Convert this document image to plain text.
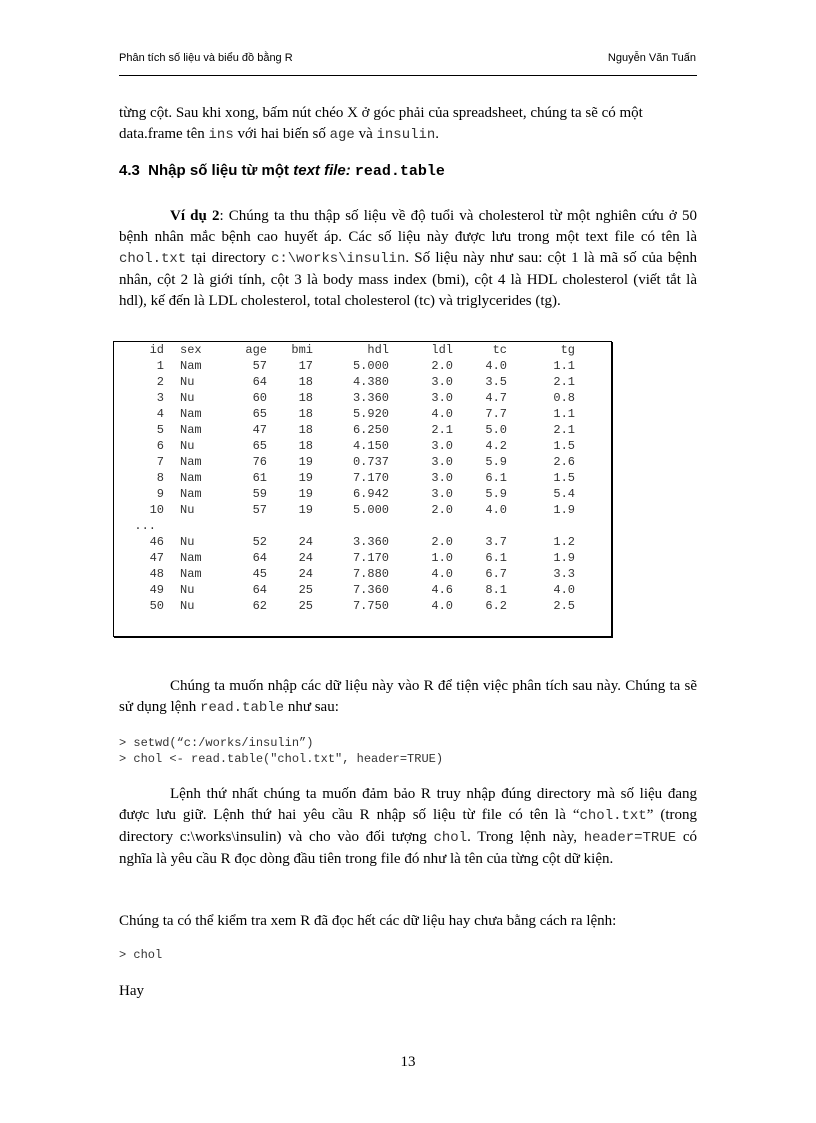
Phân tích số liệu và biểu đồ bằng R	Nguyễn Văn Tuấn

từng cột. Sau khi xong, bấm nút chéo X ở góc phải của spreadsheet, chúng ta sẽ có một
data.frame tên ins với hai biến số age và insulin.

4.3  Nhập số liệu từ một text file: read.table

Ví dụ 2: Chúng ta thu thập số liệu về độ tuổi và cholesterol từ một nghiên cứu ở 50 bệnh nhân mắc bệnh cao huyết áp. Các số liệu này được lưu trong một text file có tên là chol.txt tại directory c:\works\insulin. Số liệu này như sau: cột 1 là mã số của bệnh nhân, cột 2 là giới tính, cột 3 là body mass index (bmi), cột 4 là HDL cholesterol (viết tắt là hdl), kế đến là LDL cholesterol, total cholesterol (tc) và triglycerides (tg).

id	sex	age	bmi	hdl	ldl	tc	tg
1	Nam	57	17	5.000	2.0	4.0	1.1
2	Nu	64	18	4.380	3.0	3.5	2.1
3	Nu	60	18	3.360	3.0	4.7	0.8
4	Nam	65	18	5.920	4.0	7.7	1.1
5	Nam	47	18	6.250	2.1	5.0	2.1
6	Nu	65	18	4.150	3.0	4.2	1.5
7	Nam	76	19	0.737	3.0	5.9	2.6
8	Nam	61	19	7.170	3.0	6.1	1.5
9	Nam	59	19	6.942	3.0	5.9	5.4
10	Nu	57	19	5.000	2.0	4.0	1.9
...							
46	Nu	52	24	3.360	2.0	3.7	1.2
47	Nam	64	24	7.170	1.0	6.1	1.9
48	Nam	45	24	7.880	4.0	6.7	3.3
49	Nu	64	25	7.360	4.6	8.1	4.0
50	Nu	62	25	7.750	4.0	6.2	2.5

Chúng ta muốn nhập các dữ liệu này vào R để tiện việc phân tích sau này. Chúng ta sẽ sử dụng lệnh read.table như sau:

> setwd(“c:/works/insulin”)
> chol <- read.table("chol.txt", header=TRUE)

Lệnh thứ nhất chúng ta muốn đảm bảo R truy nhập đúng directory mà số liệu đang được lưu giữ. Lệnh thứ hai yêu cầu R nhập số liệu từ file có tên là “chol.txt” (trong directory c:\works\insulin) và cho vào đối tượng chol. Trong lệnh này, header=TRUE có nghĩa là yêu cầu R đọc dòng đầu tiên trong file đó như là tên của từng cột dữ kiện.

Chúng ta có thể kiểm tra xem R đã đọc hết các dữ liệu hay chưa bằng cách ra lệnh:

> chol

Hay

13
